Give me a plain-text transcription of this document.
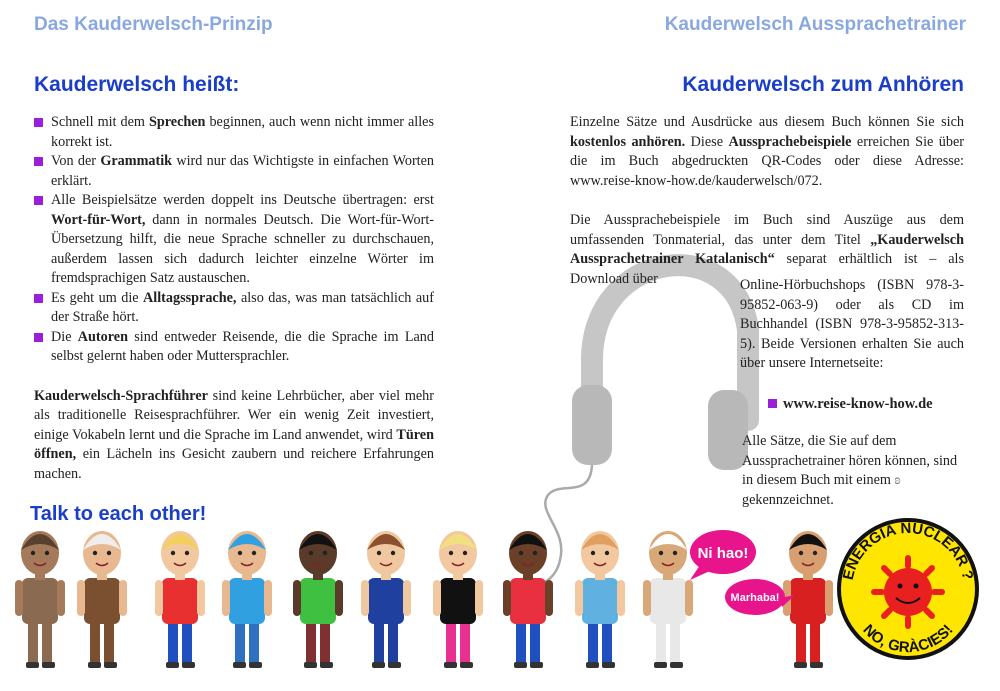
Das Kauderwelsch-Prinzip	Kauderwelsch Aussprachetrainer
Kauderwelsch heißt:	Kauderwelsch zum Anhören
Schnell mit dem Sprechen beginnen, auch wenn nicht immer alles korrekt ist.
Von der Grammatik wird nur das Wichtigste in einfachen Worten erklärt.
Alle Beispielsätze werden doppelt ins Deutsche übertragen: erst Wort-für-Wort, dann in normales Deutsch. Die Wort-für-Wort-Übersetzung hilft, die neue Sprache schneller zu durchschauen, außerdem lassen sich dadurch leichter einzelne Wörter im fremdsprachigen Satz austauschen.
Es geht um die Alltagssprache, also das, was man tatsächlich auf der Straße hört.
Die Autoren sind entweder Reisende, die die Sprache im Land selbst gelernt haben oder Muttersprachler.

Kauderwelsch-Sprachführer sind keine Lehrbücher, aber viel mehr als traditionelle Reisesprachführer. Wer ein wenig Zeit investiert, einige Vokabeln lernt und die Sprache im Land anwendet, wird Türen öffnen, ein Lächeln ins Gesicht zaubern und reichere Erfahrungen machen.

Einzelne Sätze und Ausdrücke aus diesem Buch können Sie sich kostenlos anhören. Diese Aussprachebeispiele erreichen Sie über die im Buch abgedruckten QR-Codes oder diese Adresse: www.reise-know-how.de/kauderwelsch/072.

Die Aussprachebeispiele im Buch sind Auszüge aus dem umfassenden Tonmaterial, das unter dem Titel „Kauderwelsch Aussprachetrainer Katalanisch“ separat erhältlich ist – als Download über	Online-Hörbuchshops (ISBN 978-3-95852-063-9) oder als CD im Buchhandel (ISBN 978-3-95852-313-5). Beide Versionen erhalten Sie auch über unsere Internetseite:
www.reise-know-how.de
Alle Sätze, die Sie auf dem Aussprachetrainer hören können, sind in diesem Buch mit einem ʚ gekennzeichnet.
Talk to each other!
Ni hao!
Marhaba!
ENERGIA NUCLEAR ?
NO, GRÀCIES!
